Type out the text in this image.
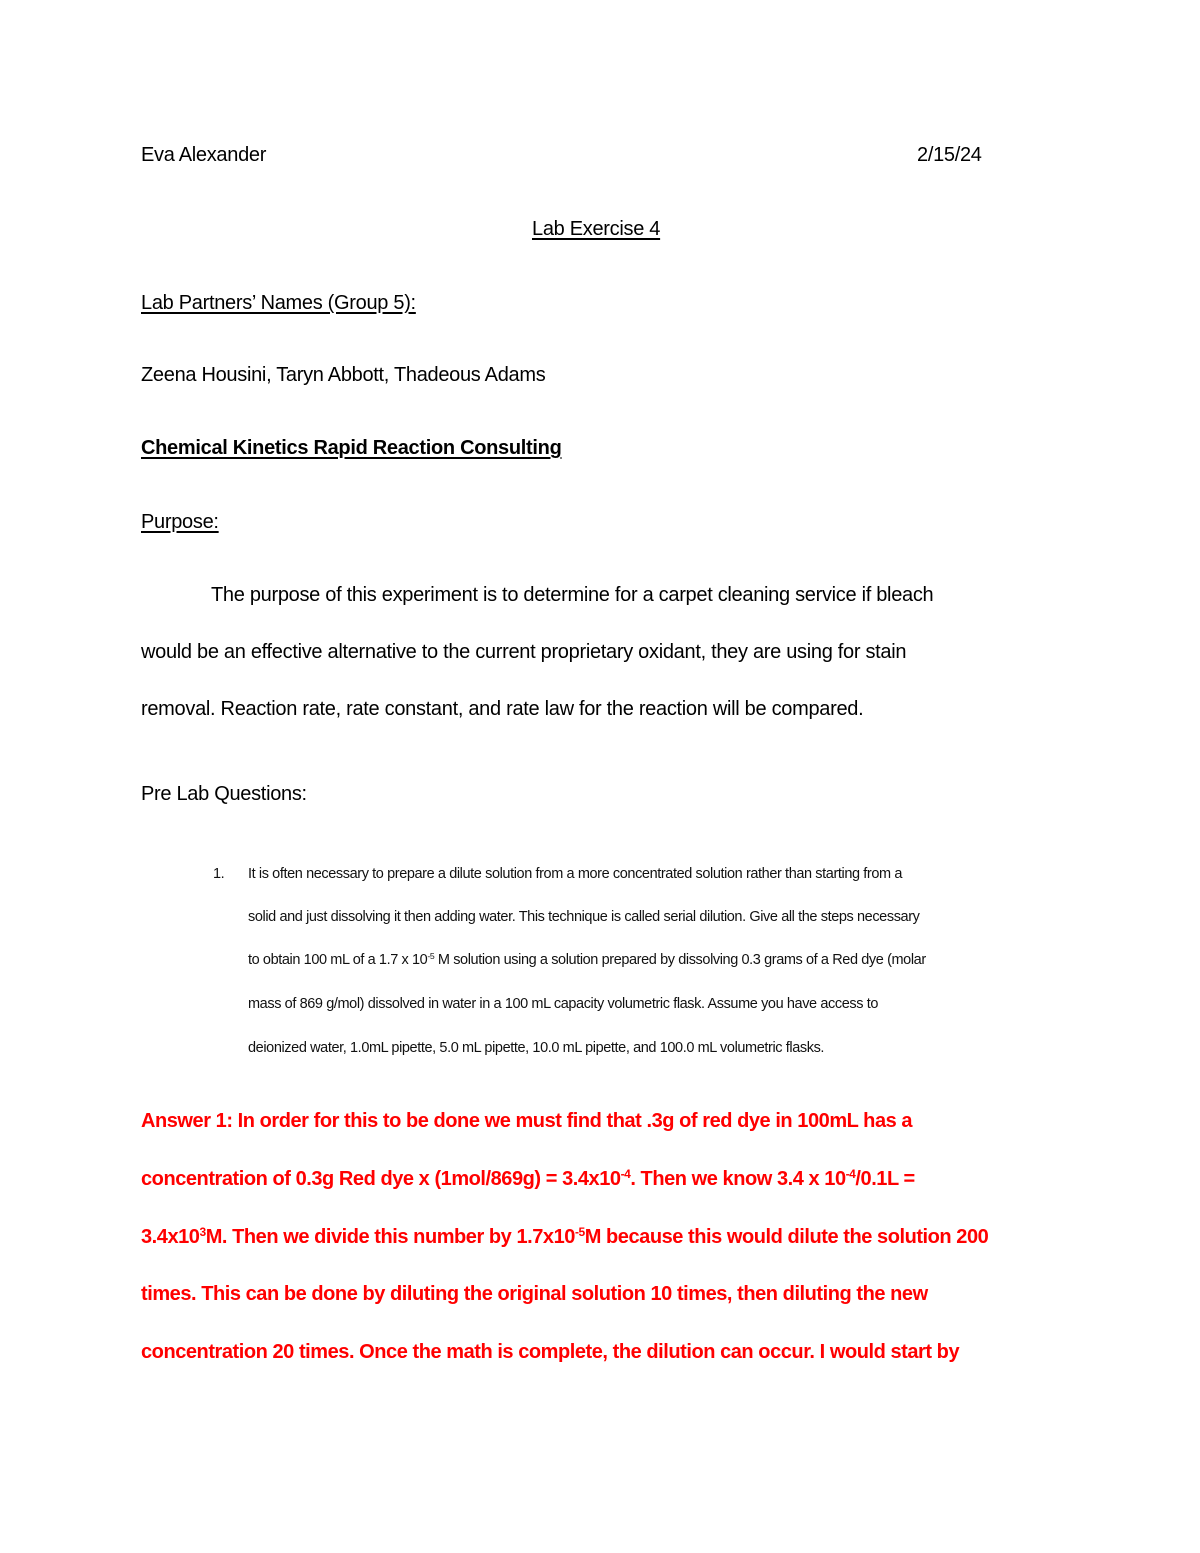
Eva Alexander	2/15/24
Lab Exercise 4
Lab Partners’ Names (Group 5):
Zeena Housini, Taryn Abbott, Thadeous Adams
Chemical Kinetics Rapid Reaction Consulting
Purpose:
The purpose of this experiment is to determine for a carpet cleaning service if bleach
would be an effective alternative to the current proprietary oxidant, they are using for stain
removal. Reaction rate, rate constant, and rate law for the reaction will be compared.
Pre Lab Questions:
1. It is often necessary to prepare a dilute solution from a more concentrated solution rather than starting from a
solid and just dissolving it then adding water. This technique is called serial dilution. Give all the steps necessary
to obtain 100 mL of a 1.7 x $10^{-5}$ M solution using a solution prepared by dissolving 0.3 grams of a Red dye (molar
mass of 869 g/mol) dissolved in water in a 100 mL capacity volumetric flask. Assume you have access to
deionized water, 1.0mL pipette, 5.0 mL pipette, 10.0 mL pipette, and 100.0 mL volumetric flasks.
Answer 1: In order for this to be done we must find that .3g of red dye in 100mL has a
concentration of 0.3g Red dye x $(1mol/869g) = 3.4x10^{-4}$. Then we know 3.4 x $10^{-4}/0.1L$ =
$3.4x10^3M$. Then we divide this number by $1.7x10^{-5}M$ because this would dilute the solution 200
times. This can be done by diluting the original solution 10 times, then diluting the new
concentration 20 times. Once the math is complete, the dilution can occur. I would start by
